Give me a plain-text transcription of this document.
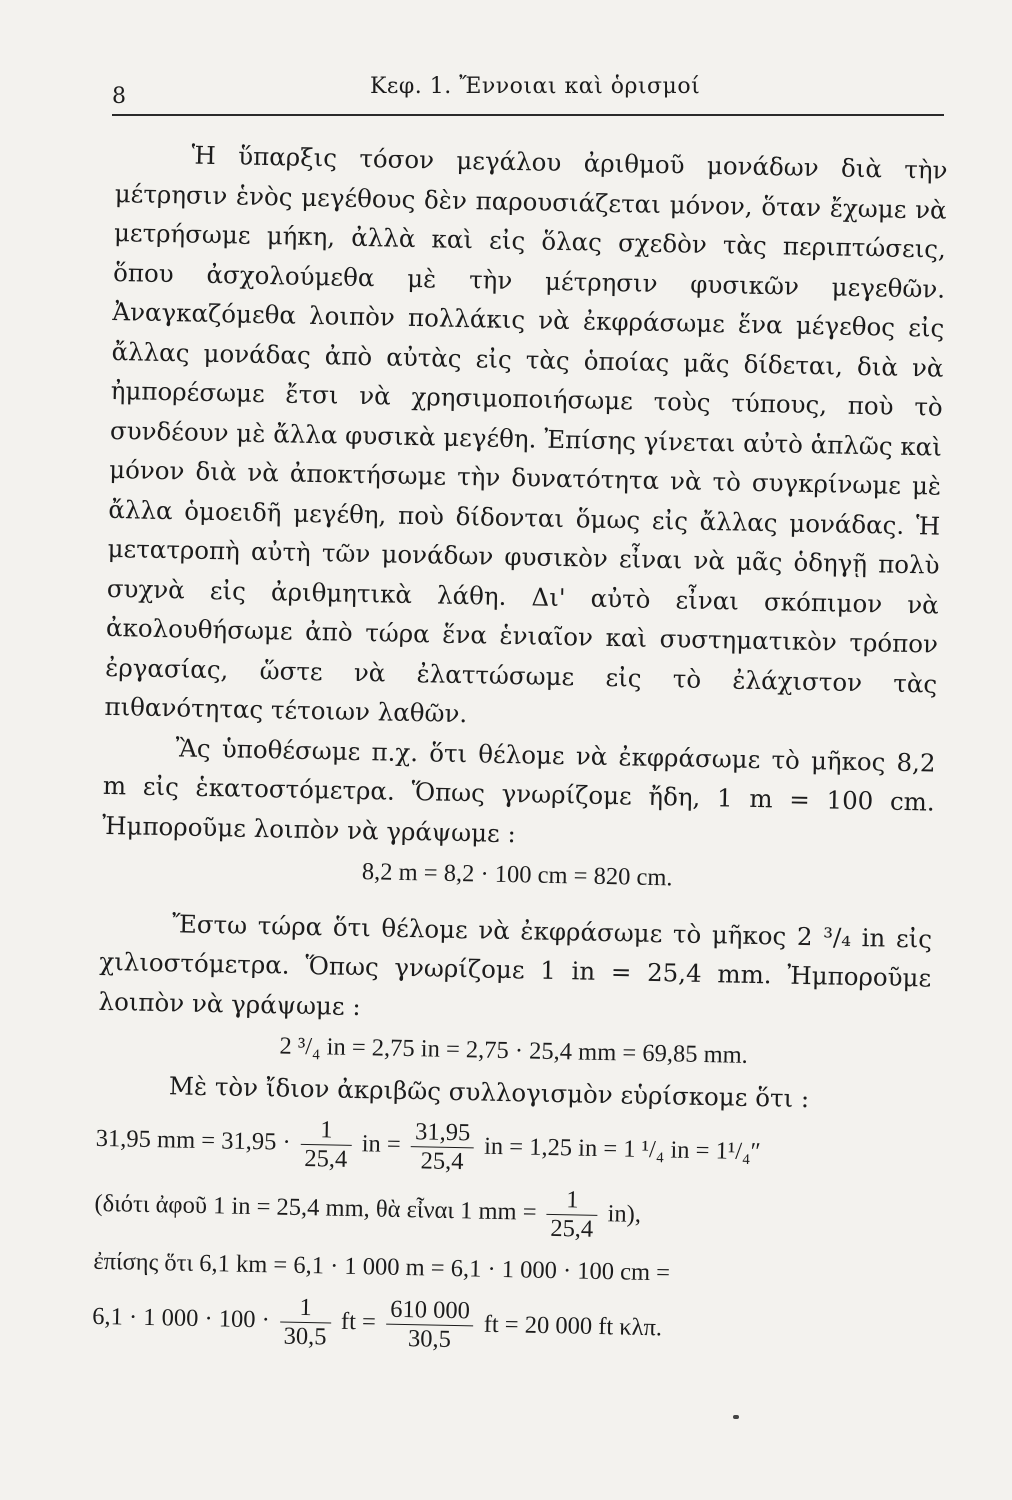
8	Κεφ. 1. Ἔννοιαι καὶ ὁρισμοί

Ἡ ὕπαρξις τόσον μεγάλου ἀριθμοῦ μονάδων διὰ τὴν μέτρησιν ἑνὸς μεγέθους δὲν παρουσιάζεται μόνον, ὅταν ἔχωμε νὰ μετρήσωμε μήκη, ἀλλὰ καὶ εἰς ὅλας σχεδὸν τὰς περιπτώσεις, ὅπου ἀσχολούμεθα μὲ τὴν μέτρησιν φυσικῶν μεγεθῶν. Ἀναγκαζόμεθα λοιπὸν πολλάκις νὰ ἐκφράσωμε ἕνα μέγεθος εἰς ἄλλας μονάδας ἀπὸ αὐτὰς εἰς τὰς ὁποίας μᾶς δίδεται, διὰ νὰ ἠμπορέσωμε ἔτσι νὰ χρησιμοποιήσωμε τοὺς τύπους, ποὺ τὸ συνδέουν μὲ ἄλλα φυσικὰ μεγέθη. Ἐπίσης γίνεται αὐτὸ ἁπλῶς καὶ μόνον διὰ νὰ ἀποκτήσωμε τὴν δυνατότητα νὰ τὸ συγκρίνωμε μὲ ἄλλα ὁμοειδῆ μεγέθη, ποὺ δίδονται ὅμως εἰς ἄλλας μονάδας. Ἡ μετατροπὴ αὐτὴ τῶν μονάδων φυσικὸν εἶναι νὰ μᾶς ὁδηγῇ πολὺ συχνὰ εἰς ἀριθμητικὰ λάθη. Δι' αὐτὸ εἶναι σκόπιμον νὰ ἀκολουθήσωμε ἀπὸ τώρα ἕνα ἑνιαῖον καὶ συστηματικὸν τρόπον ἐργασίας, ὥστε νὰ ἐλαττώσωμε εἰς τὸ ἐλάχιστον τὰς πιθανότητας τέτοιων λαθῶν.

Ἂς ὑποθέσωμε π.χ. ὅτι θέλομε νὰ ἐκφράσωμε τὸ μῆκος 8,2 m εἰς ἑκατοστόμετρα. Ὅπως γνωρίζομε ἤδη, 1 m = 100 cm. Ἠμποροῦμε λοιπὸν νὰ γράψωμε :

8,2 m = 8,2 · 100 cm = 820 cm.

Ἔστω τώρα ὅτι θέλομε νὰ ἐκφράσωμε τὸ μῆκος 2 ³/₄ in εἰς χιλιοστόμετρα. Ὅπως γνωρίζομε 1 in = 25,4 mm. Ἠμποροῦμε λοιπὸν νὰ γράψωμε :

2 ³/₄ in = 2,75 in = 2,75 · 25,4 mm = 69,85 mm.

Μὲ τὸν ἴδιον ἀκριβῶς συλλογισμὸν εὑρίσκομε ὅτι :

31,95 mm = $31,95 \cdot \frac{1}{25,4}$ in = $\frac{31,95}{25,4}$ in = 1,25 in = 1 ¹/₄ in = 1¹/₄″
(διότι ἀφοῦ 1 in = 25,4 mm, θὰ εἶναι 1 mm = $\frac{1}{25,4} in$),
ἐπίσης ὅτι 6,1 km = 6,1 · 1 000 m = 6,1 · 1 000 · 100 cm =
6,1 · 1 $000 \cdot 100 \cdot \frac{1}{30,5}$ ft = $\frac{610 000}{30,5}$ ft = 20 000 ft κλπ.
